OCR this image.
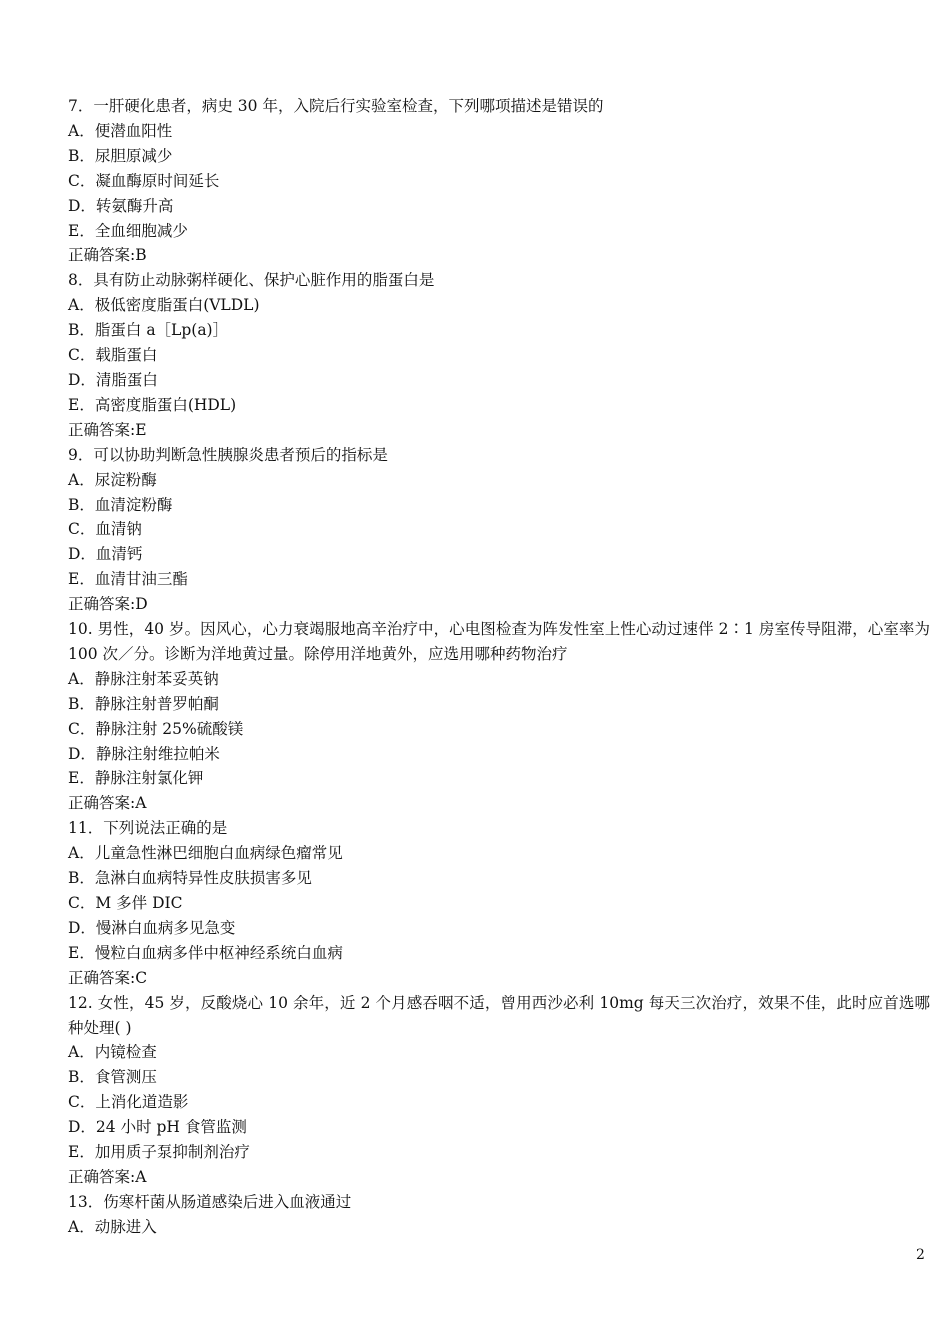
7．一肝硬化患者，病史 30 年，入院后行实验室检查，下列哪项描述是错误的

A．便潜血阳性

B．尿胆原减少

C．凝血酶原时间延长

D．转氨酶升高

E．全血细胞减少

正确答案:B

8．具有防止动脉粥样硬化、保护心脏作用的脂蛋白是

A．极低密度脂蛋白(VLDL)

B．脂蛋白 a［Lp(a)］

C．载脂蛋白

D．清脂蛋白

E．高密度脂蛋白(HDL)

正确答案:E

9．可以协助判断急性胰腺炎患者预后的指标是

A．尿淀粉酶

B．血清淀粉酶

C．血清钠

D．血清钙

E．血清甘油三酯

正确答案:D

10. 男性，40 岁。因风心，心力衰竭服地高辛治疗中，心电图检查为阵发性室上性心动过速伴 2∶1 房室传导阻滞，心室率为 100 次／分。诊断为洋地黄过量。除停用洋地黄外，应选用哪种药物治疗

A．静脉注射苯妥英钠

B．静脉注射普罗帕酮

C．静脉注射 25%硫酸镁

D．静脉注射维拉帕米

E．静脉注射氯化钾

正确答案:A

11．下列说法正确的是

A．儿童急性淋巴细胞白血病绿色瘤常见

B．急淋白血病特异性皮肤损害多见

C．M 多伴 DIC

D．慢淋白血病多见急变

E．慢粒白血病多伴中枢神经系统白血病

正确答案:C

12. 女性，45 岁，反酸烧心 10 余年，近 2 个月感吞咽不适，曾用西沙必利 10mg 每天三次治疗，效果不佳，此时应首选哪种处理( )

A．内镜检查

B．食管测压

C．上消化道造影

D．24 小时 pH 食管监测

E．加用质子泵抑制剂治疗

正确答案:A

13．伤寒杆菌从肠道感染后进入血液通过

A．动脉进入

2
